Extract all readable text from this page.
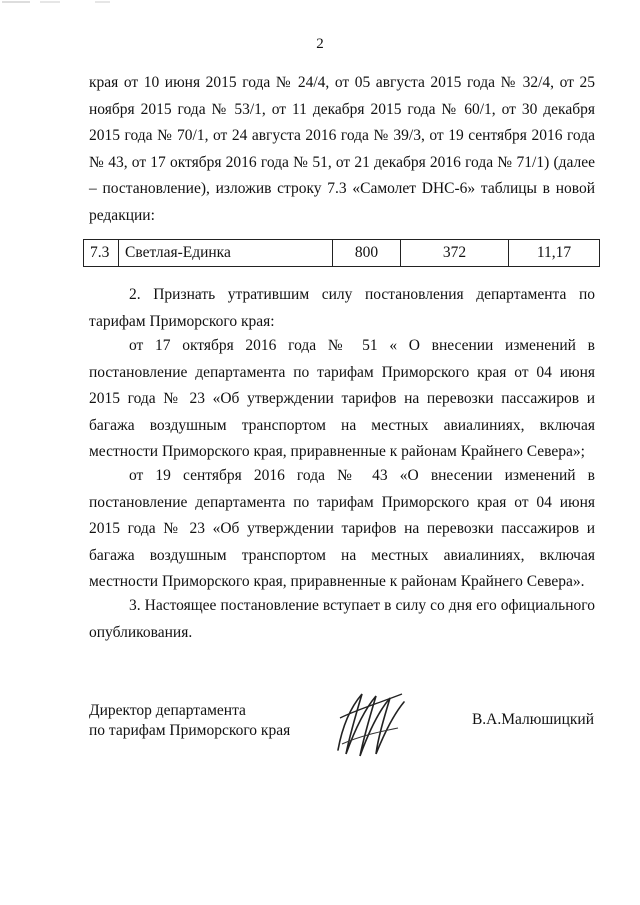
2

края от 10 июня 2015 года № 24/4, от 05 августа 2015 года № 32/4, от 25 ноября 2015 года № 53/1, от 11 декабря 2015 года № 60/1, от 30 декабря 2015 года № 70/1, от 24 августа 2016 года № 39/3, от 19 сентября 2016 года № 43, от 17 октября 2016 года № 51, от 21 декабря 2016 года № 71/1) (далее – постановление), изложив строку 7.3 «Самолет DHC-6» таблицы в новой редакции:

7.3	Светлая-Единка	800	372	11,17

2. Признать утратившим силу постановления департамента по тарифам Приморского края:

от 17 октября 2016 года № 51 « О внесении изменений в постановление департамента по тарифам Приморского края от 04 июня 2015 года № 23 «Об утверждении тарифов на перевозки пассажиров и багажа воздушным транспортом на местных авиалиниях, включая местности Приморского края, приравненные к районам Крайнего Севера»;

от 19 сентября 2016 года № 43 «О внесении изменений в постановление департамента по тарифам Приморского края от 04 июня 2015 года № 23 «Об утверждении тарифов на перевозки пассажиров и багажа воздушным транспортом на местных авиалиниях, включая местности Приморского края, приравненные к районам Крайнего Севера».

3. Настоящее постановление вступает в силу со дня его официального опубликования.

Директор департамента
по тарифам Приморского края
В.А.Малюшицкий
